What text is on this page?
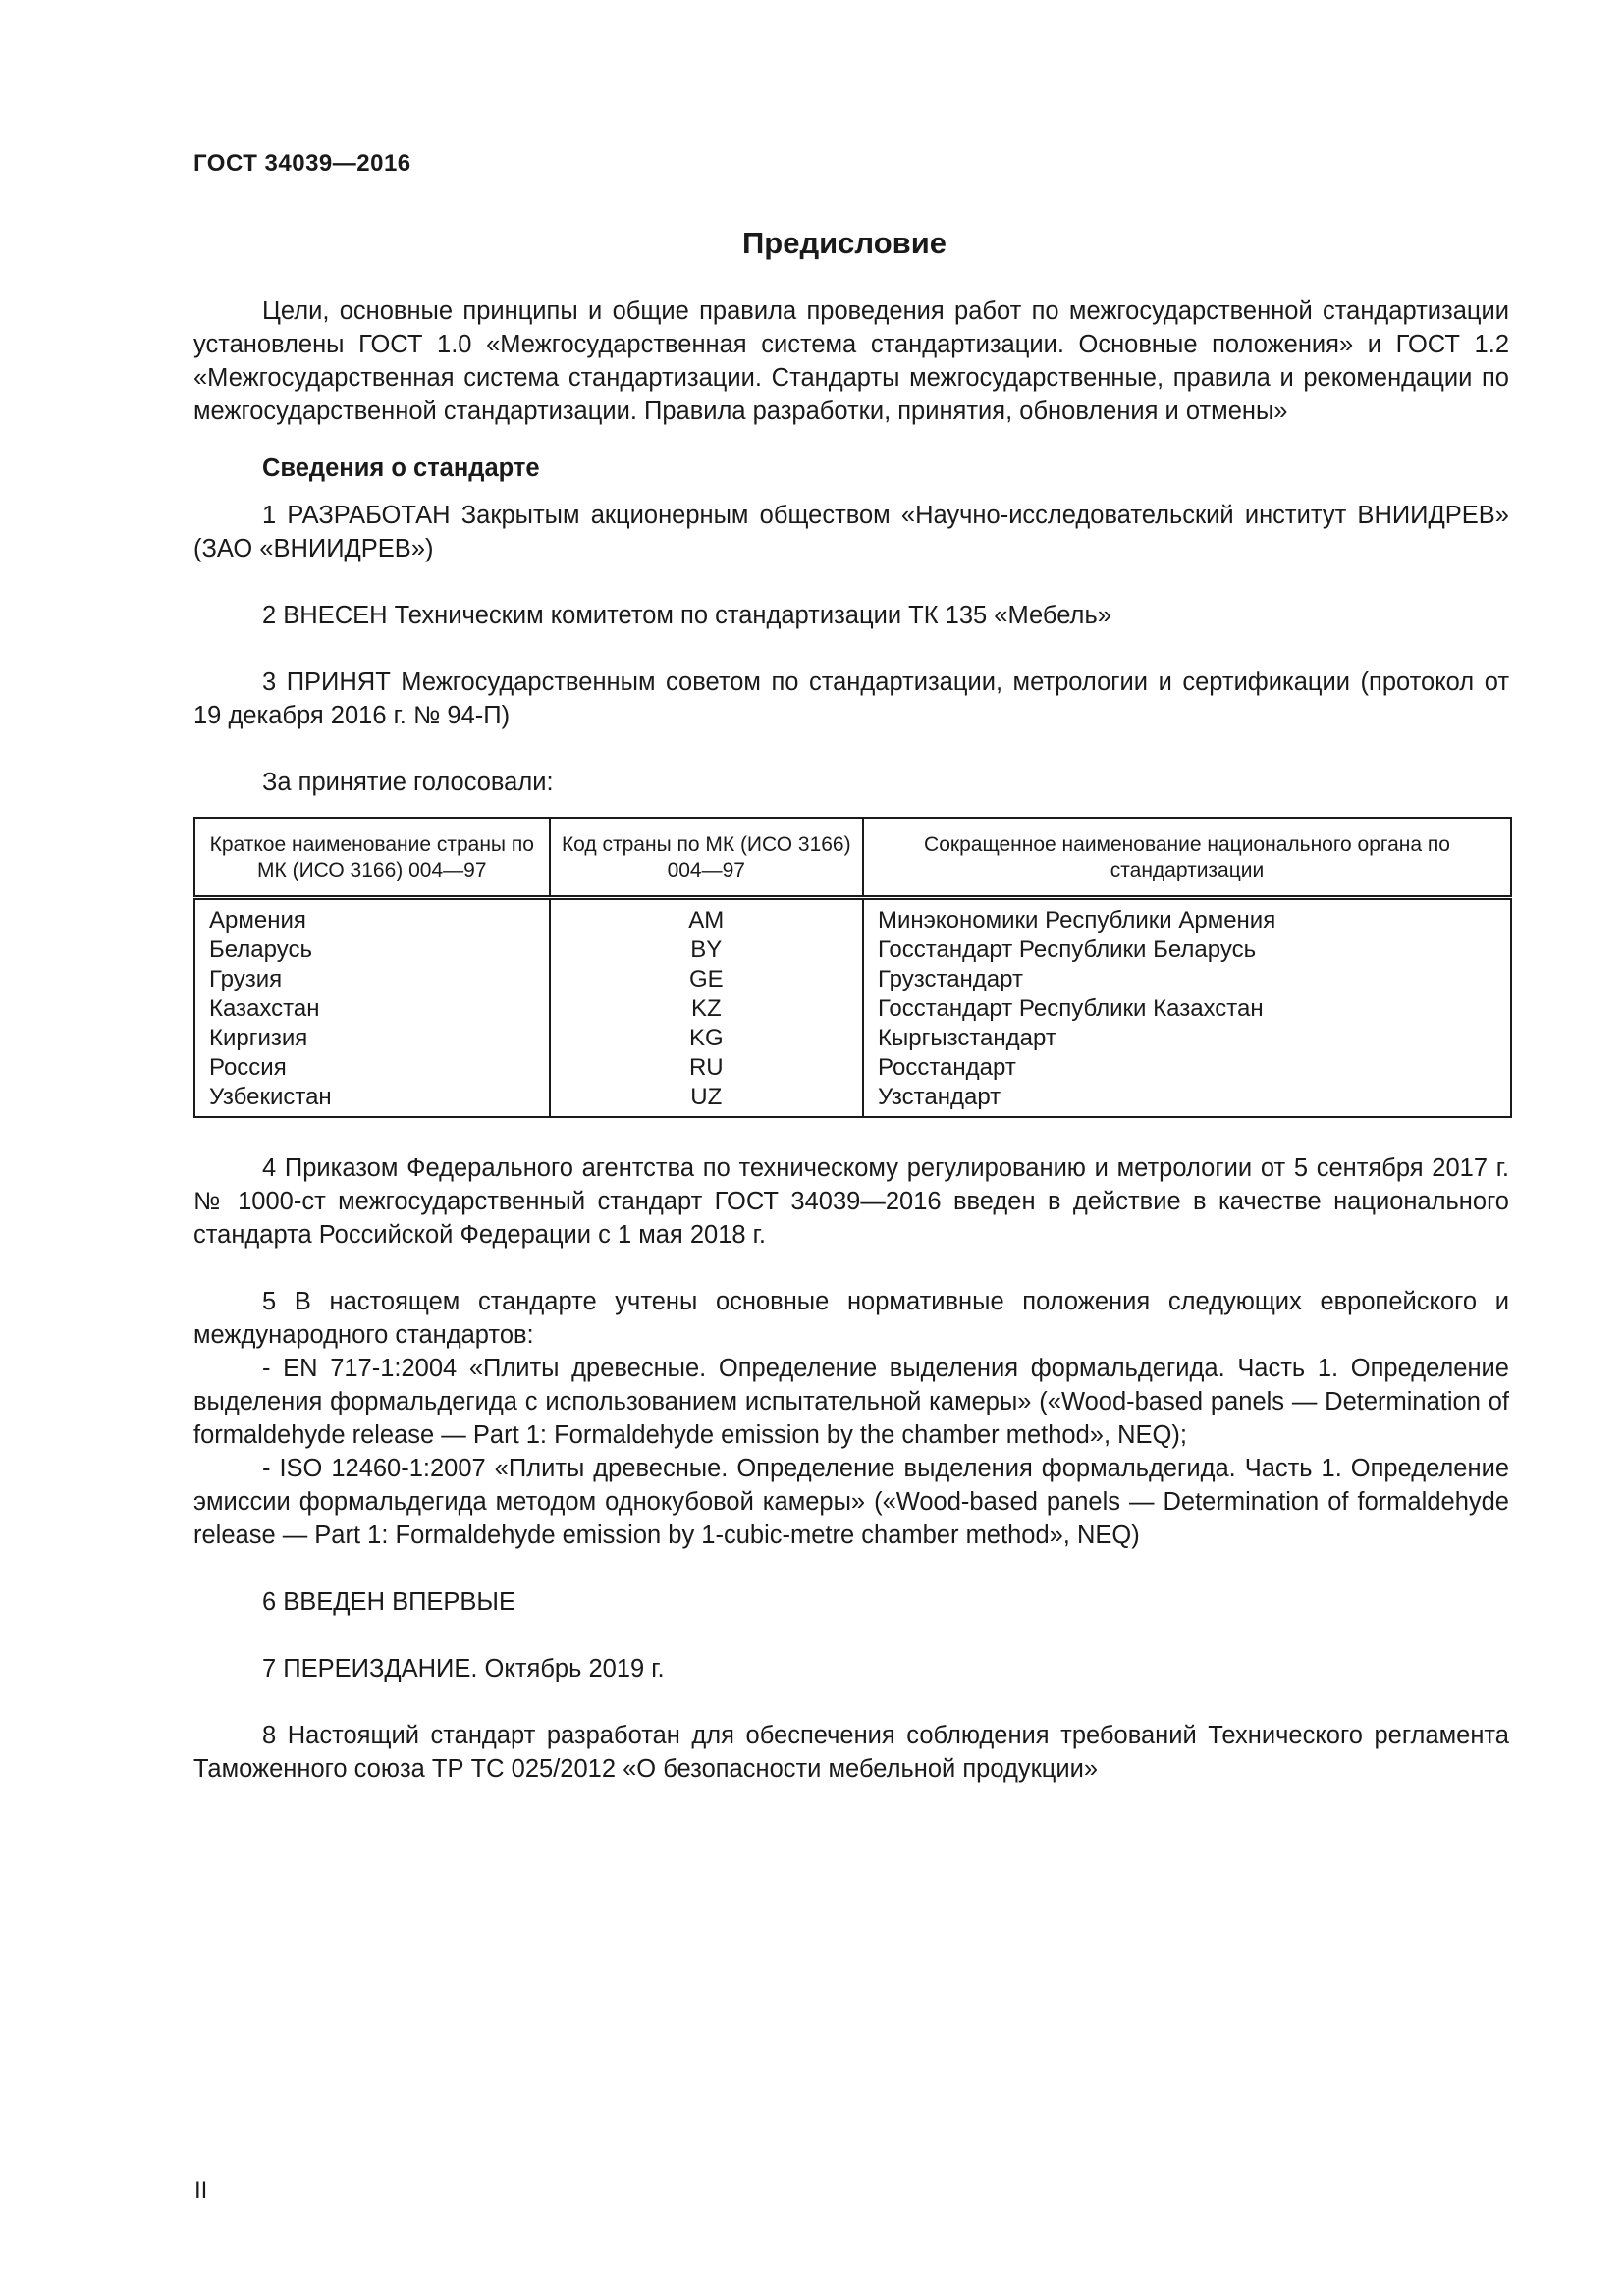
ГОСТ 34039—2016
Предисловие

Цели, основные принципы и общие правила проведения работ по межгосударственной стандартизации установлены ГОСТ 1.0 «Межгосударственная система стандартизации. Основные положения» и ГОСТ 1.2 «Межгосударственная система стандартизации. Стандарты межгосударственные, правила и рекомендации по межгосударственной стандартизации. Правила разработки, принятия, обновления и отмены»

Сведения о стандарте

1 РАЗРАБОТАН Закрытым акционерным обществом «Научно-исследовательский институт ВНИИДРЕВ» (ЗАО «ВНИИДРЕВ»)

2 ВНЕСЕН Техническим комитетом по стандартизации ТК 135 «Мебель»

3 ПРИНЯТ Межгосударственным советом по стандартизации, метрологии и сертификации (протокол от 19 декабря 2016 г. № 94-П)

За принятие голосовали:

Краткое наименование страны по МК (ИСО 3166) 004—97	Код страны по МК (ИСО 3166) 004—97	Сокращенное наименование национального органа по стандартизации
Армения	AM	Минэкономики Республики Армения
Беларусь	BY	Госстандарт Республики Беларусь
Грузия	GE	Грузстандарт
Казахстан	KZ	Госстандарт Республики Казахстан
Киргизия	KG	Кыргызстандарт
Россия	RU	Росстандарт
Узбекистан	UZ	Узстандарт

4 Приказом Федерального агентства по техническому регулированию и метрологии от 5 сентября 2017 г. № 1000-ст межгосударственный стандарт ГОСТ 34039—2016 введен в действие в качестве национального стандарта Российской Федерации с 1 мая 2018 г.

5 В настоящем стандарте учтены основные нормативные положения следующих европейского и международного стандартов:

- EN 717-1:2004 «Плиты древесные. Определение выделения формальдегида. Часть 1. Определение выделения формальдегида с использованием испытательной камеры» («Wood-based panels — Determination of formaldehyde release — Part 1: Formaldehyde emission by the chamber method», NEQ);

- ISO 12460-1:2007 «Плиты древесные. Определение выделения формальдегида. Часть 1. Определение эмиссии формальдегида методом однокубовой камеры» («Wood-based panels — Determination of formaldehyde release — Part 1: Formaldehyde emission by 1-cubic-metre chamber method», NEQ)

6 ВВЕДЕН ВПЕРВЫЕ

7 ПЕРЕИЗДАНИЕ. Октябрь 2019 г.

8 Настоящий стандарт разработан для обеспечения соблюдения требований Технического регламента Таможенного союза ТР ТС 025/2012 «О безопасности мебельной продукции»

II
